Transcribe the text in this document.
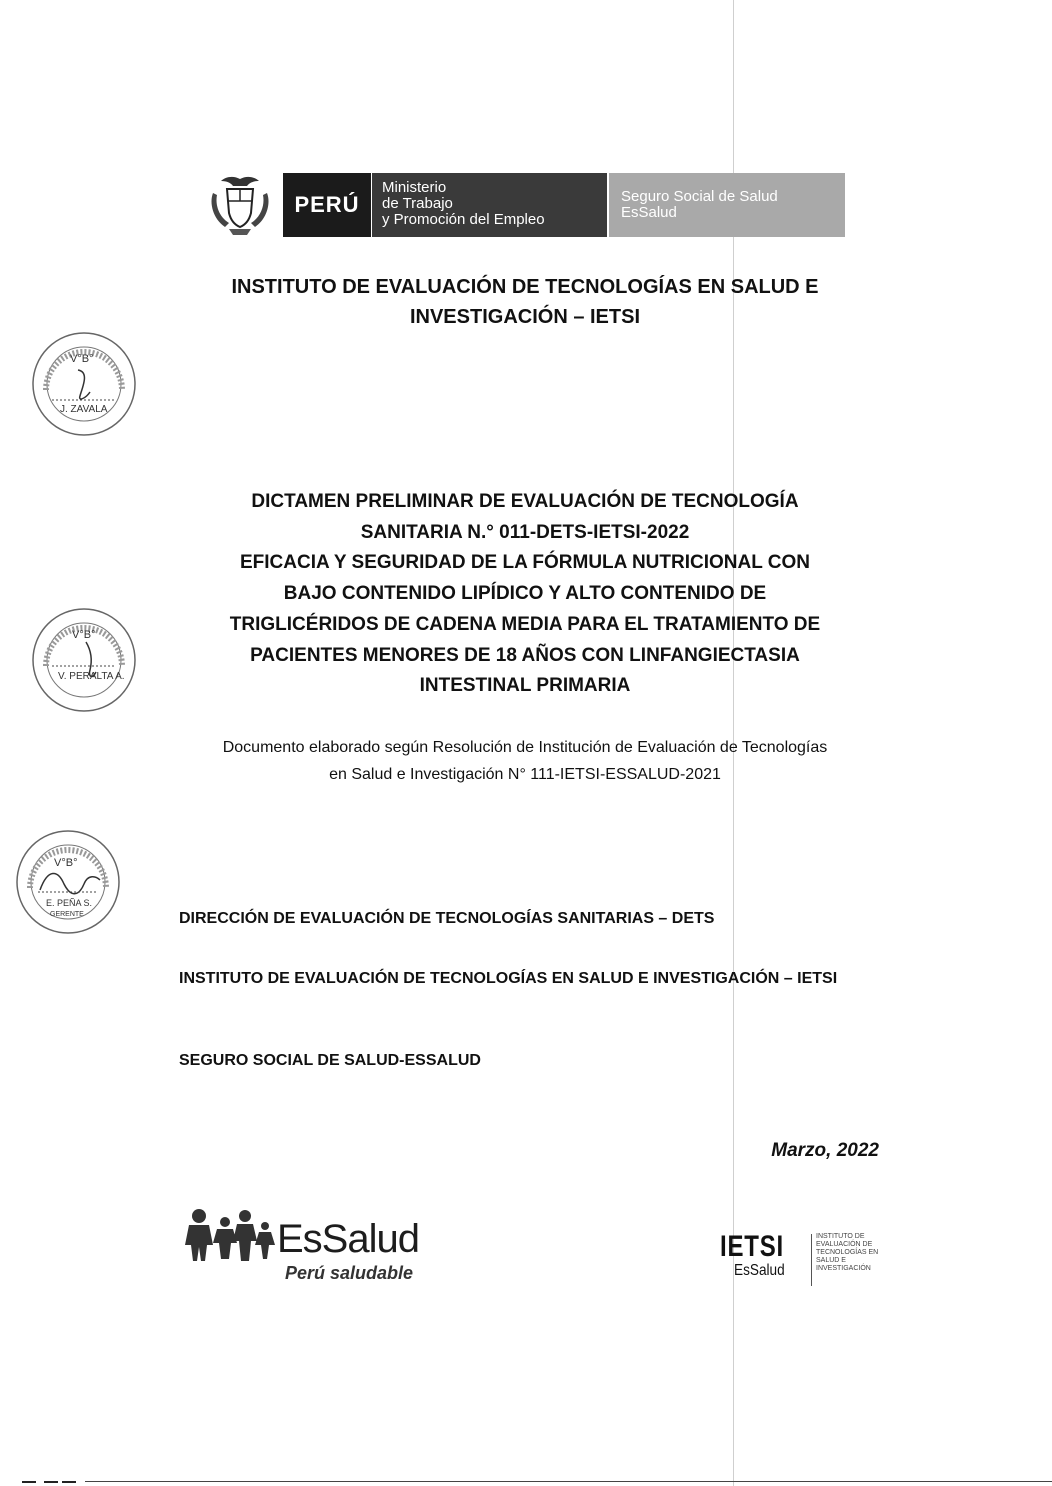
PERÚ
Ministerio
de Trabajo
y Promoción del Empleo
Seguro Social de Salud
EsSalud
INSTITUTO DE EVALUACIÓN DE TECNOLOGÍAS EN SALUD E
INVESTIGACIÓN – IETSI
V°B°
J. ZAVALA
DICTAMEN PRELIMINAR DE EVALUACIÓN DE TECNOLOGÍA
SANITARIA N.° 011-DETS-IETSI-2022
EFICACIA Y SEGURIDAD DE LA FÓRMULA NUTRICIONAL CON
BAJO CONTENIDO LIPÍDICO Y ALTO CONTENIDO DE
TRIGLICÉRIDOS DE CADENA MEDIA PARA EL TRATAMIENTO DE
PACIENTES MENORES DE 18 AÑOS CON LINFANGIECTASIA
INTESTINAL PRIMARIA
V°B°
V. PERALTA A.
Documento elaborado según Resolución de Institución de Evaluación de Tecnologías
en Salud e Investigación N° 111-IETSI-ESSALUD-2021
V°B°
E. PEÑA S.
GERENTE	DIRECCIÓN DE EVALUACIÓN DE TECNOLOGÍAS SANITARIAS – DETS
INSTITUTO DE EVALUACIÓN DE TECNOLOGÍAS EN SALUD E INVESTIGACIÓN – IETSI
SEGURO SOCIAL DE SALUD-ESSALUD
Marzo, 2022
EsSalud
Perú saludable
IETSI
EsSalud
INSTITUTO DE
EVALUACIÓN DE
TECNOLOGÍAS EN
SALUD E
INVESTIGACIÓN
